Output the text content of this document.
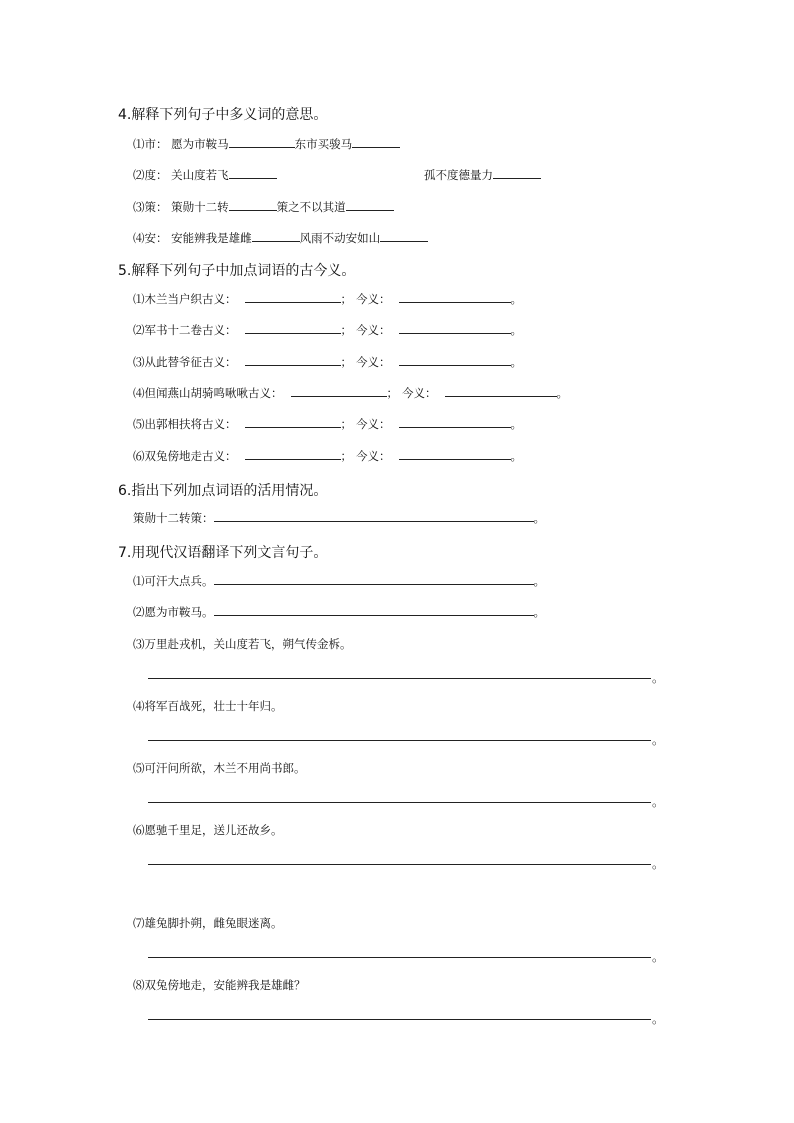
4.解释下列句子中多义词的意思。
⑴市： 愿为市鞍马	东市买骏马
⑵度： 关山度若飞	孤不度德量力
⑶策： 策勋十二转	策之不以其道
⑷安： 安能辨我是雄雌	风雨不动安如山
5.解释下列句子中加点词语的古今义。
⑴木兰当户织古义：	； 今义：	。
⑵军书十二卷古义：	； 今义：	。
⑶从此替爷征古义：	； 今义：	。
⑷但闻燕山胡骑鸣啾啾古义：	； 今义：	。
⑸出郭相扶将古义：	； 今义：	。
⑹双兔傍地走古义：	； 今义：	。
6.指出下列加点词语的活用情况。
策勋十二转策：	。
7.用现代汉语翻译下列文言句子。
⑴可汗大点兵。	。
⑵愿为市鞍马。	。
⑶万里赴戎机，关山度若飞，朔气传金柝。
。
⑷将军百战死，壮士十年归。
。
⑸可汗问所欲，木兰不用尚书郎。
。
⑹愿驰千里足，送儿还故乡。
。
⑺雄兔脚扑朔，雌兔眼迷离。
。
⑻双兔傍地走，安能辨我是雄雌？
。
